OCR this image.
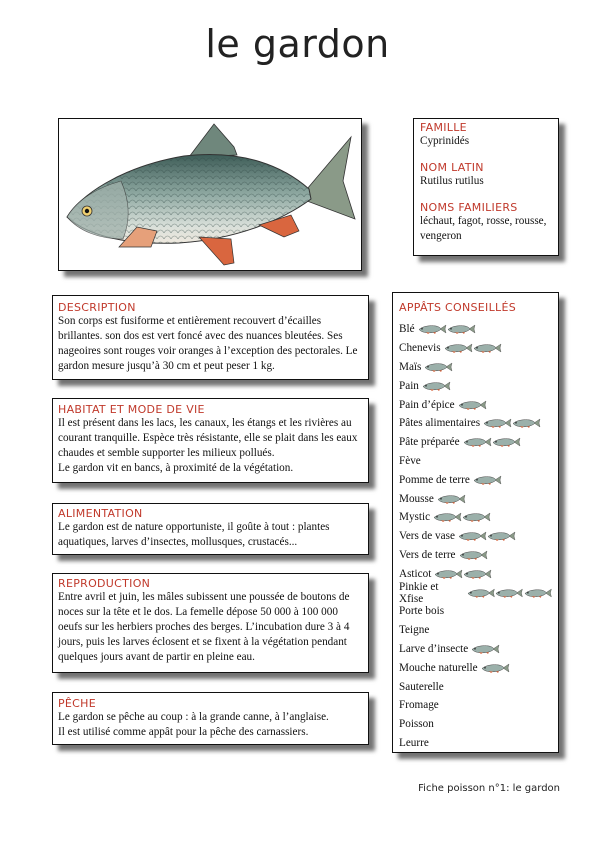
le gardon
FAMILLE
Cyprinidés
NOM LATIN
Rutilus rutilus
NOMS FAMILIERS
léchaut, fagot, rosse, rousse, vengeron
DESCRIPTION
Son corps est fusiforme et entièrement recouvert d’écailles brillantes. son dos est vert foncé avec des nuances bleutées. Ses nageoires sont rouges voir oranges à l’exception des pectorales. Le gardon mesure jusqu’à 30 cm et peut peser 1 kg.
HABITAT ET MODE DE VIE
Il est présent dans les lacs, les canaux, les étangs et les rivières au courant tranquille. Espèce très résistante, elle se plait dans les eaux chaudes et semble supporter les milieux pollués.
Le gardon vit en bancs, à proximité de la végétation.
ALIMENTATION
Le gardon est de nature opportuniste, il goûte à tout : plantes aquatiques, larves d’insectes, mollusques, crustacés...
REPRODUCTION
Entre avril et juin, les mâles subissent une poussée de boutons de noces sur la tête et le dos. La femelle dépose 50 000 à 100 000 oeufs sur les herbiers proches des berges. L’incubation dure 3 à 4 jours, puis les larves éclosent et se fixent à la végétation pendant quelques jours avant de partir en pleine eau.
PÊCHE
Le gardon se pêche au coup : à la grande canne, à l’anglaise.
Il est utilisé comme appât pour la pêche des carnassiers.
APPÂTS CONSEILLÉS
Blé
Chenevis
Maïs
Pain
Pain d’épice
Pâtes alimentaires
Pâte préparée
Fève
Pomme de terre
Mousse
Mystic
Vers de vase
Vers de terre
Asticot
Pinkie et Xfise
Porte bois
Teigne
Larve d’insecte
Mouche naturelle
Sauterelle
Fromage
Poisson
Leurre
Fiche poisson n°1: le gardon
